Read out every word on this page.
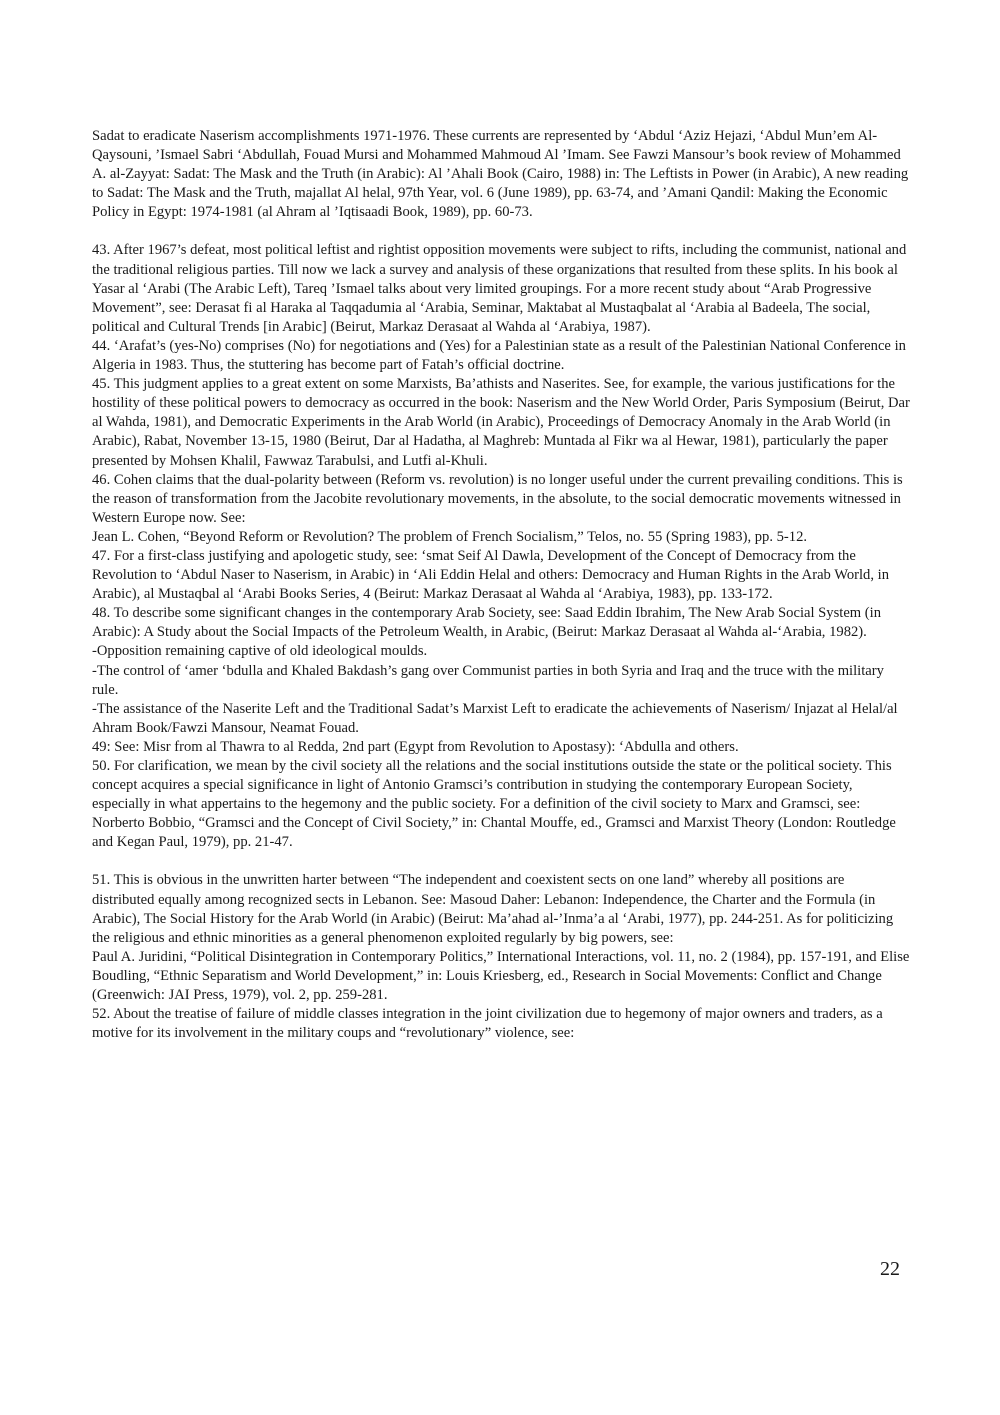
Sadat to eradicate Naserism accomplishments 1971-1976. These currents are represented by ‘Abdul ‘Aziz Hejazi, ‘Abdul Mun’em Al-Qaysouni, ’Ismael Sabri ‘Abdullah, Fouad Mursi and Mohammed Mahmoud Al ’Imam. See Fawzi Mansour’s book review of Mohammed A. al-Zayyat: Sadat: The Mask and the Truth (in Arabic): Al ’Ahali Book (Cairo, 1988) in: The Leftists in Power (in Arabic), A new reading to Sadat: The Mask and the Truth, majallat Al helal, 97th Year, vol. 6 (June 1989), pp. 63-74, and ’Amani Qandil: Making the Economic Policy in Egypt: 1974-1981 (al Ahram al ’Iqtisaadi Book, 1989), pp. 60-73.

43. After 1967’s defeat, most political leftist and rightist opposition movements were subject to rifts, including the communist, national and the traditional religious parties. Till now we lack a survey and analysis of these organizations that resulted from these splits. In his book al Yasar al ‘Arabi (The Arabic Left), Tareq ’Ismael talks about very limited groupings. For a more recent study about “Arab Progressive Movement”, see: Derasat fi al Haraka al Taqqadumia al ‘Arabia, Seminar, Maktabat al Mustaqbalat al ‘Arabia al Badeela, The social, political and Cultural Trends [in Arabic] (Beirut, Markaz Derasaat al Wahda al ‘Arabiya, 1987).

44. ‘Arafat’s (yes-No) comprises (No) for negotiations and (Yes) for a Palestinian state as a result of the Palestinian National Conference in Algeria in 1983. Thus, the stuttering has become part of Fatah’s official doctrine.

45. This judgment applies to a great extent on some Marxists, Ba’athists and Naserites. See, for example, the various justifications for the hostility of these political powers to democracy as occurred in the book: Naserism and the New World Order, Paris Symposium (Beirut, Dar al Wahda, 1981), and Democratic Experiments in the Arab World (in Arabic), Proceedings of Democracy Anomaly in the Arab World (in Arabic), Rabat, November 13-15, 1980 (Beirut, Dar al Hadatha, al Maghreb: Muntada al Fikr wa al Hewar, 1981), particularly the paper presented by Mohsen Khalil, Fawwaz Tarabulsi, and Lutfi al-Khuli.

46. Cohen claims that the dual-polarity between (Reform vs. revolution) is no longer useful under the current prevailing conditions. This is the reason of transformation from the Jacobite revolutionary movements, in the absolute, to the social democratic movements witnessed in Western Europe now. See:

Jean L. Cohen, “Beyond Reform or Revolution? The problem of French Socialism,” Telos, no. 55 (Spring 1983), pp. 5-12.

47. For a first-class justifying and apologetic study, see: ‘smat Seif Al Dawla, Development of the Concept of Democracy from the Revolution to ‘Abdul Naser to Naserism, in Arabic) in ‘Ali Eddin Helal and others: Democracy and Human Rights in the Arab World, in Arabic), al Mustaqbal al ‘Arabi Books Series, 4 (Beirut: Markaz Derasaat al Wahda al ‘Arabiya, 1983), pp. 133-172.

48. To describe some significant changes in the contemporary Arab Society, see: Saad Eddin Ibrahim, The New Arab Social System (in Arabic): A Study about the Social Impacts of the Petroleum Wealth, in Arabic, (Beirut: Markaz Derasaat al Wahda al-‘Arabia, 1982).

-Opposition remaining captive of old ideological moulds.

-The control of ‘amer ‘bdulla and Khaled Bakdash’s gang over Communist parties in both Syria and Iraq and the truce with the military rule.

-The assistance of the Naserite Left and the Traditional Sadat’s Marxist Left to eradicate the achievements of Naserism/ Injazat al Helal/al Ahram Book/Fawzi Mansour, Neamat Fouad.

49: See: Misr from al Thawra to al Redda, 2nd part (Egypt from Revolution to Apostasy): ‘Abdulla and others.

50. For clarification, we mean by the civil society all the relations and the social institutions outside the state or the political society. This concept acquires a special significance in light of Antonio Gramsci’s contribution in studying the contemporary European Society, especially in what appertains to the hegemony and the public society. For a definition of the civil society to Marx and Gramsci, see:

Norberto Bobbio, “Gramsci and the Concept of Civil Society,” in: Chantal Mouffe, ed., Gramsci and Marxist Theory (London: Routledge and Kegan Paul, 1979), pp. 21-47.

51. This is obvious in the unwritten harter between “The independent and coexistent sects on one land” whereby all positions are distributed equally among recognized sects in Lebanon. See: Masoud Daher: Lebanon: Independence, the Charter and the Formula (in Arabic), The Social History for the Arab World (in Arabic) (Beirut: Ma’ahad al-’Inma’a al ‘Arabi, 1977), pp. 244-251. As for politicizing the religious and ethnic minorities as a general phenomenon exploited regularly by big powers, see:

Paul A. Juridini, “Political Disintegration in Contemporary Politics,” International Interactions, vol. 11, no. 2 (1984), pp. 157-191, and Elise Boudling, “Ethnic Separatism and World Development,” in: Louis Kriesberg, ed., Research in Social Movements: Conflict and Change (Greenwich: JAI Press, 1979), vol. 2, pp. 259-281.

52. About the treatise of failure of middle classes integration in the joint civilization due to hegemony of major owners and traders, as a motive for its involvement in the military coups and “revolutionary” violence, see:

22
